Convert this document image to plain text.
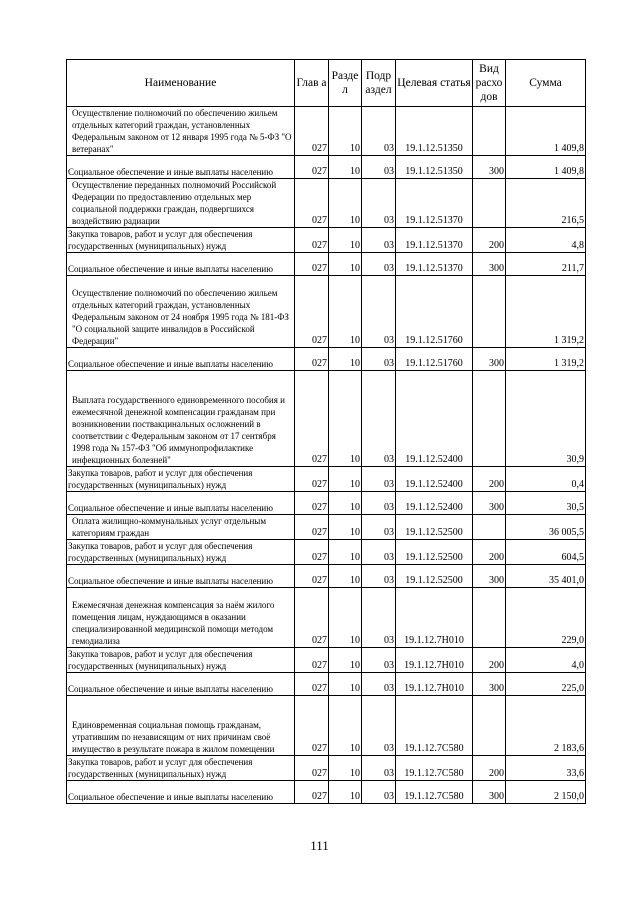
Наименование	Глав а	Разде л	Подр аздел	Целевая статья	Вид расхо дов	Сумма
Осуществление полномочий по обеспечению жильем отдельных категорий граждан, установленных Федеральным законом от 12 января 1995 года № 5-ФЗ "О ветеранах"	027	10	03	19.1.12.51350		1 409,8
Социальное обеспечение и иные выплаты населению	027	10	03	19.1.12.51350	300	1 409,8
Осуществление переданных полномочий Российской Федерации по предоставлению отдельных мер социальной поддержки граждан, подвергшихся воздействию радиации	027	10	03	19.1.12.51370		216,5
Закупка товаров, работ и услуг для обеспечения государственных (муниципальных) нужд	027	10	03	19.1.12.51370	200	4,8
Социальное обеспечение и иные выплаты населению	027	10	03	19.1.12.51370	300	211,7
Осуществление полномочий по обеспечению жильем отдельных категорий граждан, установленных Федеральным законом от 24 ноября 1995 года № 181-ФЗ "О социальной защите инвалидов в Российской Федерации"	027	10	03	19.1.12.51760		1 319,2
Социальное обеспечение и иные выплаты населению	027	10	03	19.1.12.51760	300	1 319,2
Выплата государственного единовременного пособия и ежемесячной денежной компенсации гражданам при возникновении поствакцинальных осложнений в соответствии с Федеральным законом от 17 сентября 1998 года № 157-ФЗ "Об иммунопрофилактике инфекционных болезней"	027	10	03	19.1.12.52400		30,9
Закупка товаров, работ и услуг для обеспечения государственных (муниципальных) нужд	027	10	03	19.1.12.52400	200	0,4
Социальное обеспечение и иные выплаты населению	027	10	03	19.1.12.52400	300	30,5
Оплата жилищно-коммунальных услуг отдельным категориям граждан	027	10	03	19.1.12.52500		36 005,5
Закупка товаров, работ и услуг для обеспечения государственных (муниципальных) нужд	027	10	03	19.1.12.52500	200	604,5
Социальное обеспечение и иные выплаты населению	027	10	03	19.1.12.52500	300	35 401,0
Ежемесячная денежная компенсация за наём жилого помещения лицам, нуждающимся в оказании специализированной медицинской помощи методом гемодиализа	027	10	03	19.1.12.7Н010		229,0
Закупка товаров, работ и услуг для обеспечения государственных (муниципальных) нужд	027	10	03	19.1.12.7Н010	200	4,0
Социальное обеспечение и иные выплаты населению	027	10	03	19.1.12.7Н010	300	225,0
Единовременная социальная помощь гражданам, утратившим по независящим от них причинам своё имущество в результате пожара в жилом помещении	027	10	03	19.1.12.7С580		2 183,6
Закупка товаров, работ и услуг для обеспечения государственных (муниципальных) нужд	027	10	03	19.1.12.7С580	200	33,6
Социальное обеспечение и иные выплаты населению	027	10	03	19.1.12.7С580	300	2 150,0
111
